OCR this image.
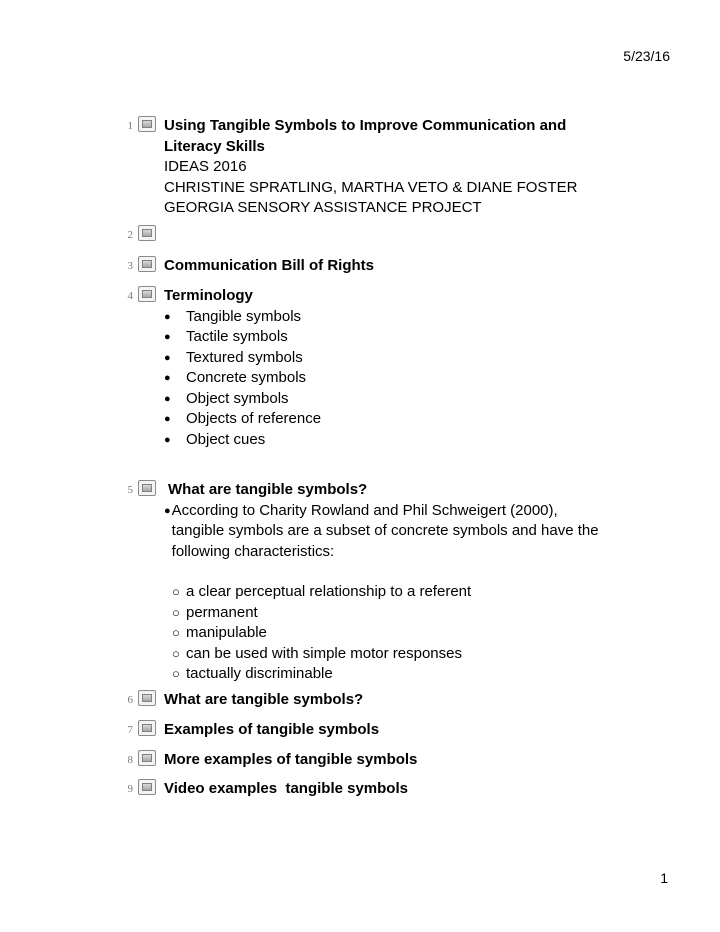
5/23/16
1 Using Tangible Symbols to Improve Communication and Literacy Skills
IDEAS 2016
CHRISTINE SPRATLING, MARTHA VETO & DIANE FOSTER
GEORGIA SENSORY ASSISTANCE PROJECT
2
3 Communication Bill of Rights
4 Terminology
● Tangible symbols
● Tactile symbols
● Textured symbols
● Concrete symbols
● Object symbols
● Objects of reference
● Object cues
5 What are tangible symbols?
● According to Charity Rowland and Phil Schweigert (2000), tangible symbols are a subset of concrete symbols and have the following characteristics:
○ a clear perceptual relationship to a referent
○ permanent
○ manipulable
○ can be used with simple motor responses
○ tactually discriminable
6 What are tangible symbols?
7 Examples of tangible symbols
8 More examples of tangible symbols
9 Video examples  tangible symbols
1
